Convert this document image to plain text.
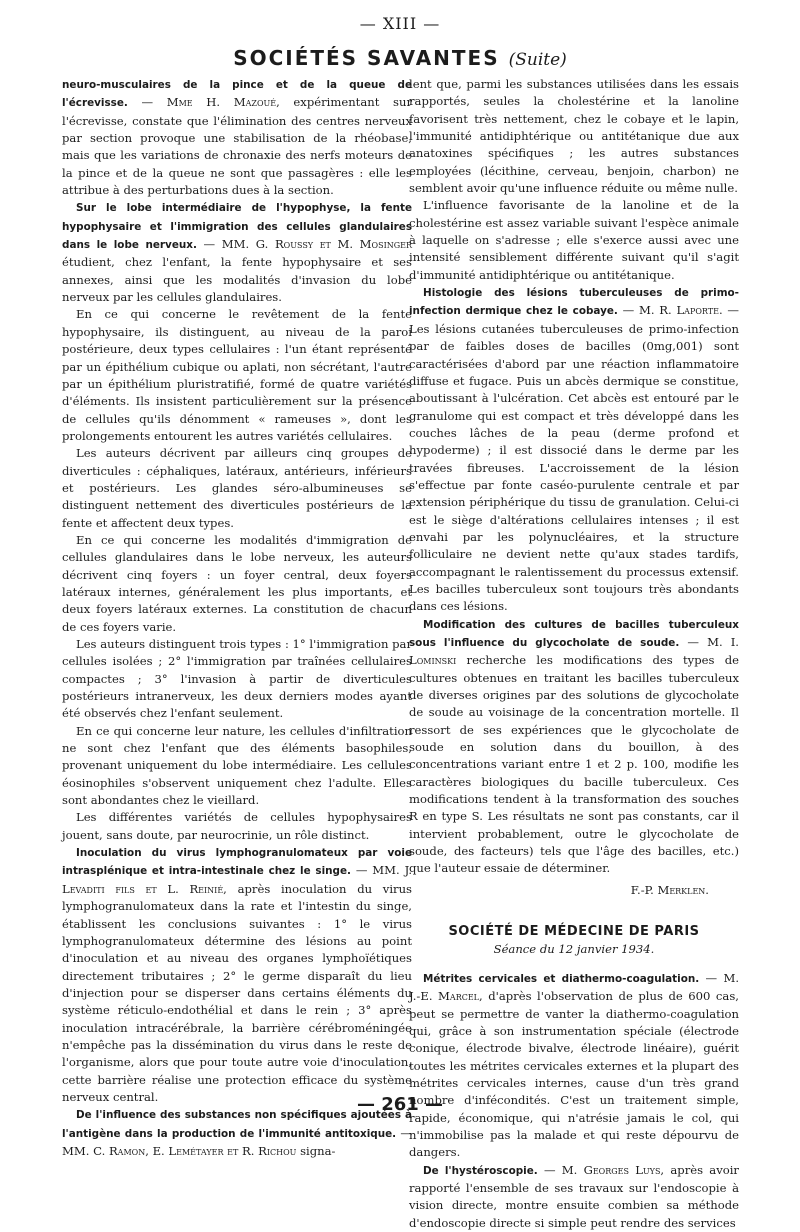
— XIII —
SOCIÉTÉS SAVANTES (Suite)

neuro-musculaires de la pince et de la queue de l'écrevisse. — Mme H. Mazoué, expérimentant sur l'écrevisse, constate que l'élimination des centres nerveux par section provoque une stabilisation de la rhéobase, mais que les variations de chronaxie des nerfs moteurs de la pince et de la queue ne sont que passagères : elle les attribue à des perturbations dues à la section.

Sur le lobe intermédiaire de l'hypophyse, la fente hypophysaire et l'immigration des cellules glandulaires dans le lobe nerveux. — MM. G. Roussy et M. Mosinger étudient, chez l'enfant, la fente hypophysaire et ses annexes, ainsi que les modalités d'invasion du lobe nerveux par les cellules glandulaires.

En ce qui concerne le revêtement de la fente hypophysaire, ils distinguent, au niveau de la paroi postérieure, deux types cellulaires : l'un étant représenté par un épithélium cubique ou aplati, non sécrétant, l'autre par un épithélium pluristratifié, formé de quatre variétés d'éléments. Ils insistent particulièrement sur la présence de cellules qu'ils dénomment « rameuses », dont les prolongements entourent les autres variétés cellulaires.

Les auteurs décrivent par ailleurs cinq groupes de diverticules : céphaliques, latéraux, antérieurs, inférieurs et postérieurs. Les glandes séro-albumineuses se distinguent nettement des diverticules postérieurs de la fente et affectent deux types.

En ce qui concerne les modalités d'immigration de cellules glandulaires dans le lobe nerveux, les auteurs décrivent cinq foyers : un foyer central, deux foyers latéraux internes, généralement les plus importants, et deux foyers latéraux externes. La constitution de chacun de ces foyers varie.

Les auteurs distinguent trois types : 1° l'immigration par cellules isolées ; 2° l'immigration par traînées cellulaires compactes ; 3° l'invasion à partir de diverticules postérieurs intranerveux, les deux derniers modes ayant été observés chez l'enfant seulement.

En ce qui concerne leur nature, les cellules d'infiltration ne sont chez l'enfant que des éléments basophiles, provenant uniquement du lobe intermédiaire. Les cellules éosinophiles s'observent uniquement chez l'adulte. Elles sont abondantes chez le vieillard.

Les différentes variétés de cellules hypophysaires jouent, sans doute, par neurocrinie, un rôle distinct.

Inoculation du virus lymphogranulomateux par voie intrasplénique et intra-intestinale chez le singe. — MM. J. Levaditi fils et L. Reinié, après inoculation du virus lymphogranulomateux dans la rate et l'intestin du singe, établissent les conclusions suivantes : 1° le virus lymphogranulomateux détermine des lésions au point d'inoculation et au niveau des organes lymphoïétiques directement tributaires ; 2° le germe disparaît du lieu d'injection pour se disperser dans certains éléments du système réticulo-endothélial et dans le rein ; 3° après inoculation intracérébrale, la barrière cérébroméningée n'empêche pas la dissémination du virus dans le reste de l'organisme, alors que pour toute autre voie d'inoculation, cette barrière réalise une protection efficace du système nerveux central.

De l'influence des substances non spécifiques ajoutées à l'antigène dans la production de l'immunité antitoxique. — MM. C. Ramon, E. Lemétayer et R. Richou signa-

lent que, parmi les substances utilisées dans les essais rapportés, seules la cholestérine et la lanoline favorisent très nettement, chez le cobaye et le lapin, l'immunité antidiphtérique ou antitétanique due aux anatoxines spécifiques ; les autres substances employées (lécithine, cerveau, benjoin, charbon) ne semblent avoir qu'une influence réduite ou même nulle.

L'influence favorisante de la lanoline et de la cholestérine est assez variable suivant l'espèce animale à laquelle on s'adresse ; elle s'exerce aussi avec une intensité sensiblement différente suivant qu'il s'agit d'immunité antidiphtérique ou antitétanique.

Histologie des lésions tuberculeuses de primo-infection dermique chez le cobaye. — M. R. Laporte. — Les lésions cutanées tuberculeuses de primo-infection par de faibles doses de bacilles (0mg,001) sont caractérisées d'abord par une réaction inflammatoire diffuse et fugace. Puis un abcès dermique se constitue, aboutissant à l'ulcération. Cet abcès est entouré par le granulome qui est compact et très développé dans les couches lâches de la peau (derme profond et hypoderme) ; il est dissocié dans le derme par les travées fibreuses. L'accroissement de la lésion s'effectue par fonte caséo-purulente centrale et par extension périphérique du tissu de granulation. Celui-ci est le siège d'altérations cellulaires intenses ; il est envahi par les polynucléaires, et la structure folliculaire ne devient nette qu'aux stades tardifs, accompagnant le ralentissement du processus extensif. Les bacilles tuberculeux sont toujours très abondants dans ces lésions.

Modification des cultures de bacilles tuberculeux sous l'influence du glycocholate de soude. — M. I. Lominski recherche les modifications des types de cultures obtenues en traitant les bacilles tuberculeux de diverses origines par des solutions de glycocholate de soude au voisinage de la concentration mortelle. Il ressort de ses expériences que le glycocholate de soude en solution dans du bouillon, à des concentrations variant entre 1 et 2 p. 100, modifie les caractères biologiques du bacille tuberculeux. Ces modifications tendent à la transformation des souches R en type S. Les résultats ne sont pas constants, car il intervient probablement, outre le glycocholate de soude, des facteurs) tels que l'âge des bacilles, etc.) que l'auteur essaie de déterminer.

F.-P. Merklen.
SOCIÉTÉ DE MÉDECINE DE PARIS
Séance du 12 janvier 1934.

Métrites cervicales et diathermo-coagulation. — M. J.-E. Marcel, d'après l'observation de plus de 600 cas, peut se permettre de vanter la diathermo-coagulation qui, grâce à son instrumentation spéciale (électrode conique, électrode bivalve, électrode linéaire), guérit toutes les métrites cervicales externes et la plupart des métrites cervicales internes, cause d'un très grand nombre d'infécondités. C'est un traitement simple, rapide, économique, qui n'atrésie jamais le col, qui n'immobilise pas la malade et qui reste dépourvu de dangers.

De l'hystéroscopie. — M. Georges Luys, après avoir rapporté l'ensemble de ses travaux sur l'endoscopie à vision directe, montre ensuite combien sa méthode d'endoscopie directe si simple peut rendre des services

— 261 —
